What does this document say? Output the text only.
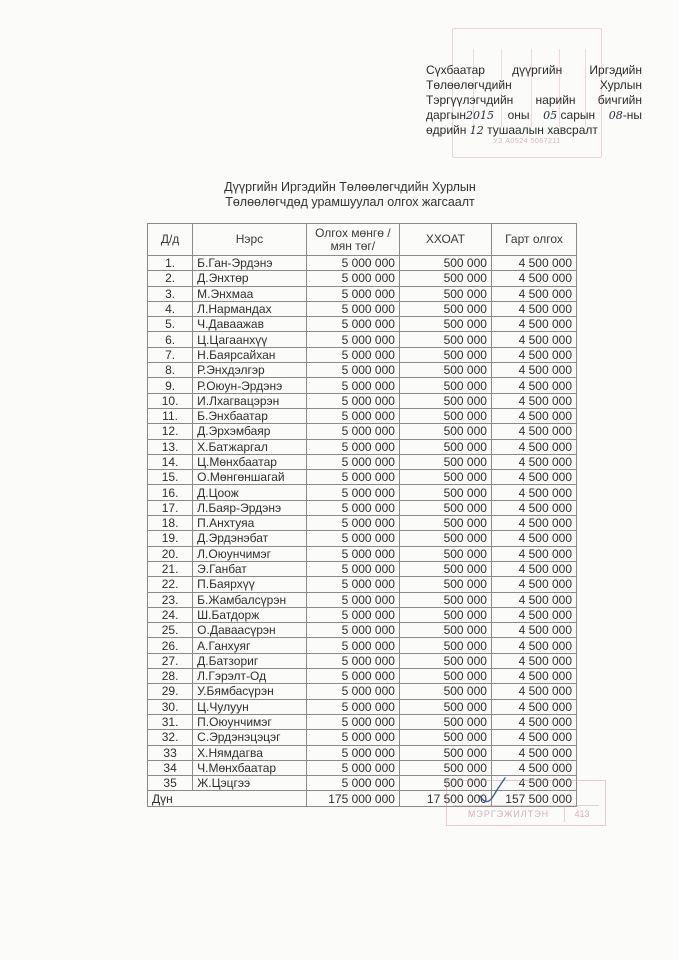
УЗ А0524 5067211
Сүхбаатар дүүргийн Иргэдийн
Төлөөлөгчдийн	Хурлын
Тэргүүлэгчдийн нарийн бичгийн
даргын2015 оны 05 сарын 08-ны
өдрийн 12 тушаалын хавсралт
Дүүргийн Иргэдийн Төлөөлөгчдийн Хурлын
Төлөөлөгчдөд урамшуулал олгох жагсаалт
Д/д	Нэрс	Олгох мөнгө /мян төг/	ХХОАТ	Гарт олгох
1.	Б.Ган-Эрдэнэ	5 000 000	500 000	4 500 000
2.	Д.Энхтөр	5 000 000	500 000	4 500 000
3.	М.Энхмаа	5 000 000	500 000	4 500 000
4.	Л.Нармандах	5 000 000	500 000	4 500 000
5.	Ч.Даваажав	5 000 000	500 000	4 500 000
6.	Ц.Цагаанхүү	5 000 000	500 000	4 500 000
7.	Н.Баярсайхан	5 000 000	500 000	4 500 000
8.	Р.Энхдэлгэр	5 000 000	500 000	4 500 000
9.	Р.Оюун-Эрдэнэ	5 000 000	500 000	4 500 000
10.	И.Лхагвацэрэн	5 000 000	500 000	4 500 000
11.	Б.Энхбаатар	5 000 000	500 000	4 500 000
12.	Д.Эрхэмбаяр	5 000 000	500 000	4 500 000
13.	Х.Батжаргал	5 000 000	500 000	4 500 000
14.	Ц.Мөнхбаатар	5 000 000	500 000	4 500 000
15.	О.Мөнгөншагай	5 000 000	500 000	4 500 000
16.	Д.Цоож	5 000 000	500 000	4 500 000
17.	Л.Баяр-Эрдэнэ	5 000 000	500 000	4 500 000
18.	П.Анхтуяа	5 000 000	500 000	4 500 000
19.	Д.Эрдэнэбат	5 000 000	500 000	4 500 000
20.	Л.Оюунчимэг	5 000 000	500 000	4 500 000
21.	Э.Ганбат	5 000 000	500 000	4 500 000
22.	П.Баярхүү	5 000 000	500 000	4 500 000
23.	Б.Жамбалсүрэн	5 000 000	500 000	4 500 000
24.	Ш.Батдорж	5 000 000	500 000	4 500 000
25.	О.Даваасүрэн	5 000 000	500 000	4 500 000
26.	А.Ганхуяг	5 000 000	500 000	4 500 000
27.	Д.Батзориг	5 000 000	500 000	4 500 000
28.	Л.Гэрэлт-Од	5 000 000	500 000	4 500 000
29.	У.Бямбасүрэн	5 000 000	500 000	4 500 000
30.	Ц.Чулуун	5 000 000	500 000	4 500 000
31.	П.Оюунчимэг	5 000 000	500 000	4 500 000
32.	С.Эрдэнэцэцэг	5 000 000	500 000	4 500 000
33	Х.Нямдагва	5 000 000	500 000	4 500 000
34	Ч.Мөнхбаатар	5 000 000	500 000	4 500 000
35	Ж.Цэцгээ	5 000 000	500 000	4 500 000
Дүн		175 000 000	17 500 000	157 500 000
МЭРГЭЖИЛТЭН	413
